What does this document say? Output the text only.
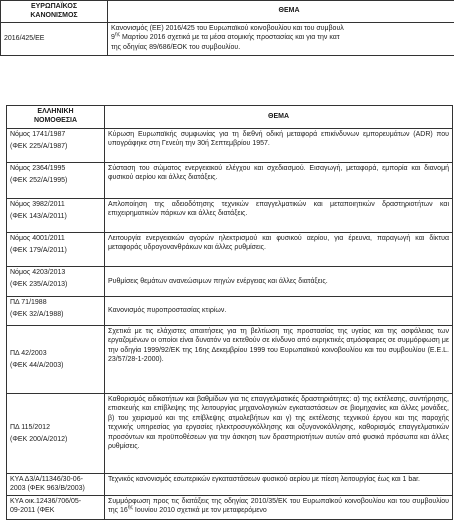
ΕΥΡΩΠΑΪΚΟΣ
ΚΑΝΟΝΙΣΜΟΣ	ΘΕΜΑ
2016/425/ΕΕ	Κανονισμός (ΕΕ) 2016/425 του Ευρωπαϊκού κοινοβουλίου και του συμβουλ
$9^{\eta\varsigma}$ Μαρτίου 2016 σχετικά με τα μέσα ατομικής προστασίας και για την κατ
της οδηγίας 89/686/ΕΟΚ του συμβουλίου.
ΕΛΛΗΝΙΚΗ
ΝΟΜΟΘΕΣΙΑ	ΘΕΜΑ

Νόμος 1741/1987
(ΦΕΚ 225/Α/1987)	Κύρωση Ευρωπαϊκής συμφωνίας για τη διεθνή οδική μεταφορά επικίνδυνων εμπορευμάτων (ADR) που υπογράφηκε στη Γενεύη την 30ή Σεπτεμβρίου 1957.

Νόμος 2364/1995
(ΦΕΚ 252/Α/1995)	Σύσταση του σώματος ενεργειακού ελέγχου και σχεδιασμού. Εισαγωγή, μεταφορά, εμπορία και διανομή φυσικού αερίου και άλλες διατάξεις.

Νόμος 3982/2011
(ΦΕΚ 143/Α/2011)	Απλοποίηση της αδειοδότησης τεχνικών επαγγελματικών και μεταποιητικών δραστηριοτήτων και επιχειρηματικών πάρκων και άλλες διατάξεις.

Νόμος 4001/2011
(ΦΕΚ 179/Α/2011)	Λειτουργία ενεργειακών αγορών ηλεκτρισμού και φυσικού αερίου, για έρευνα, παραγωγή και δίκτυα μεταφοράς υδρογονανθράκων και άλλες ρυθμίσεις.

Νόμος 4203/2013
(ΦΕΚ 235/Α/2013)	Ρυθμίσεις θεμάτων ανανεώσιμων πηγών ενέργειας και άλλες διατάξεις.

ΠΔ 71/1988
(ΦΕΚ 32/Α/1988)	Κανονισμός πυροπροστασίας κτιρίων.

ΠΔ 42/2003
(ΦΕΚ 44/Α/2003)	Σχετικά με τις ελάχιστες απαιτήσεις για τη βελτίωση της προστασίας της υγείας και της ασφάλειας των εργαζομένων οι οποίοι είναι δυνατόν να εκτεθούν σε κίνδυνο από εκρηκτικές ατμόσφαιρες σε συμμόρφωση με την οδηγία 1999/92/ΕΚ της 16ης Δεκεμβρίου 1999 του Ευρωπαϊκού κοινοβουλίου και του συμβουλίου (Ε.Ε.L. 23/57/28-1-2000).

ΠΔ 115/2012
(ΦΕΚ 200/Α/2012)	Καθορισμός ειδικοτήτων και βαθμίδων για τις επαγγελματικές δραστηριότητες: α) της εκτέλεσης, συντήρησης, επισκευής και επίβλεψης της λειτουργίας μηχανολογικών εγκαταστάσεων σε βιομηχανίες και άλλες μονάδες, β) του χειρισμού και της επίβλεψης ατμολεβήτων και γ) της εκτέλεσης τεχνικού έργου και της παροχής τεχνικής υπηρεσίας για εργασίες ηλεκτροσυγκόλλησης και οξυγονοκόλλησης, καθορισμός επαγγελματικών προσόντων και προϋποθέσεων για την άσκηση των δραστηριοτήτων αυτών από φυσικά πρόσωπα και άλλες ρυθμίσεις.

ΚΥΑ Δ3/Α/11346/30-06-
2003 (ΦΕΚ 963/Β/2003)	Τεχνικός κανονισμός εσωτερικών εγκαταστάσεων φυσικού αερίου με πίεση λειτουργίας έως και 1 bar.

ΚΥΑ οικ.12436/706/05-
09-2011 (ΦΕΚ	Συμμόρφωση προς τις διατάξεις της οδηγίας 2010/35/ΕΚ του Ευρωπαϊκού κοινοβουλίου και του συμβουλίου της $16^{\eta\varsigma}$ Ιουνίου 2010 σχετικά με τον μεταφερόμενο
